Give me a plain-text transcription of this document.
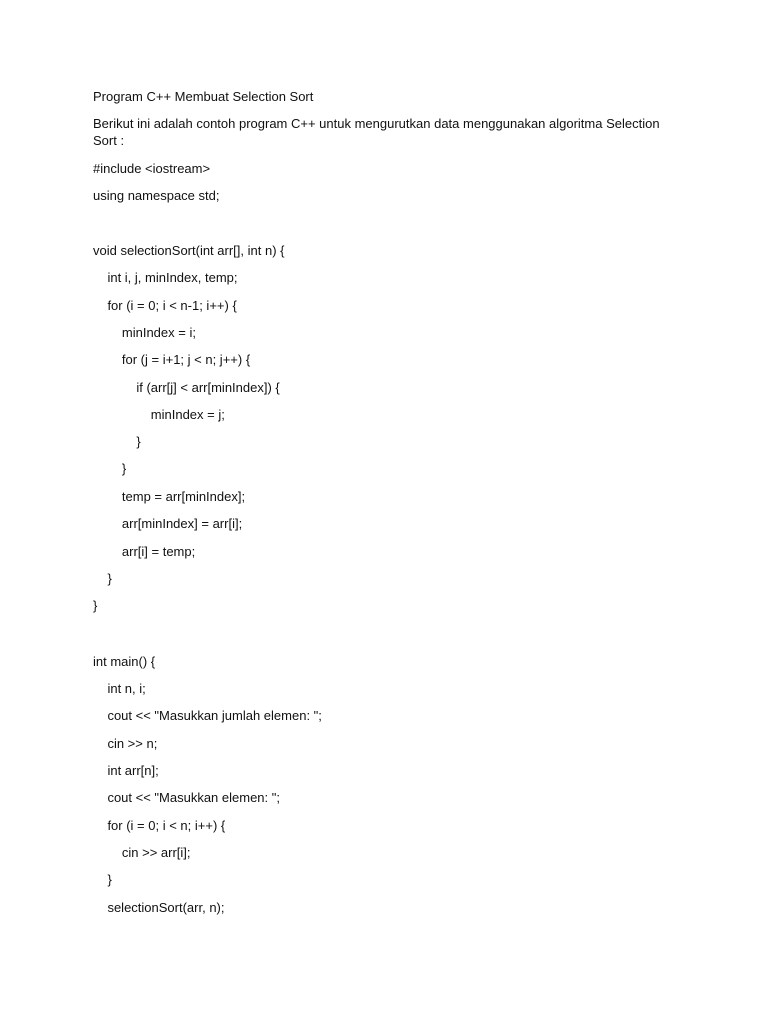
Program C++ Membuat Selection Sort
Berikut ini adalah contoh program C++ untuk mengurutkan data menggunakan algoritma Selection Sort :
#include <iostream>
using namespace std;
void selectionSort(int arr[], int n) {
int i, j, minIndex, temp;
for (i = 0; i < n-1; i++) {
minIndex = i;
for (j = i+1; j < n; j++) {
if (arr[j] < arr[minIndex]) {
minIndex = j;
}
}
temp = arr[minIndex];
arr[minIndex] = arr[i];
arr[i] = temp;
}
}
int main() {
int n, i;
cout << "Masukkan jumlah elemen: ";
cin >> n;
int arr[n];
cout << "Masukkan elemen: ";
for (i = 0; i < n; i++) {
cin >> arr[i];
}
selectionSort(arr, n);
